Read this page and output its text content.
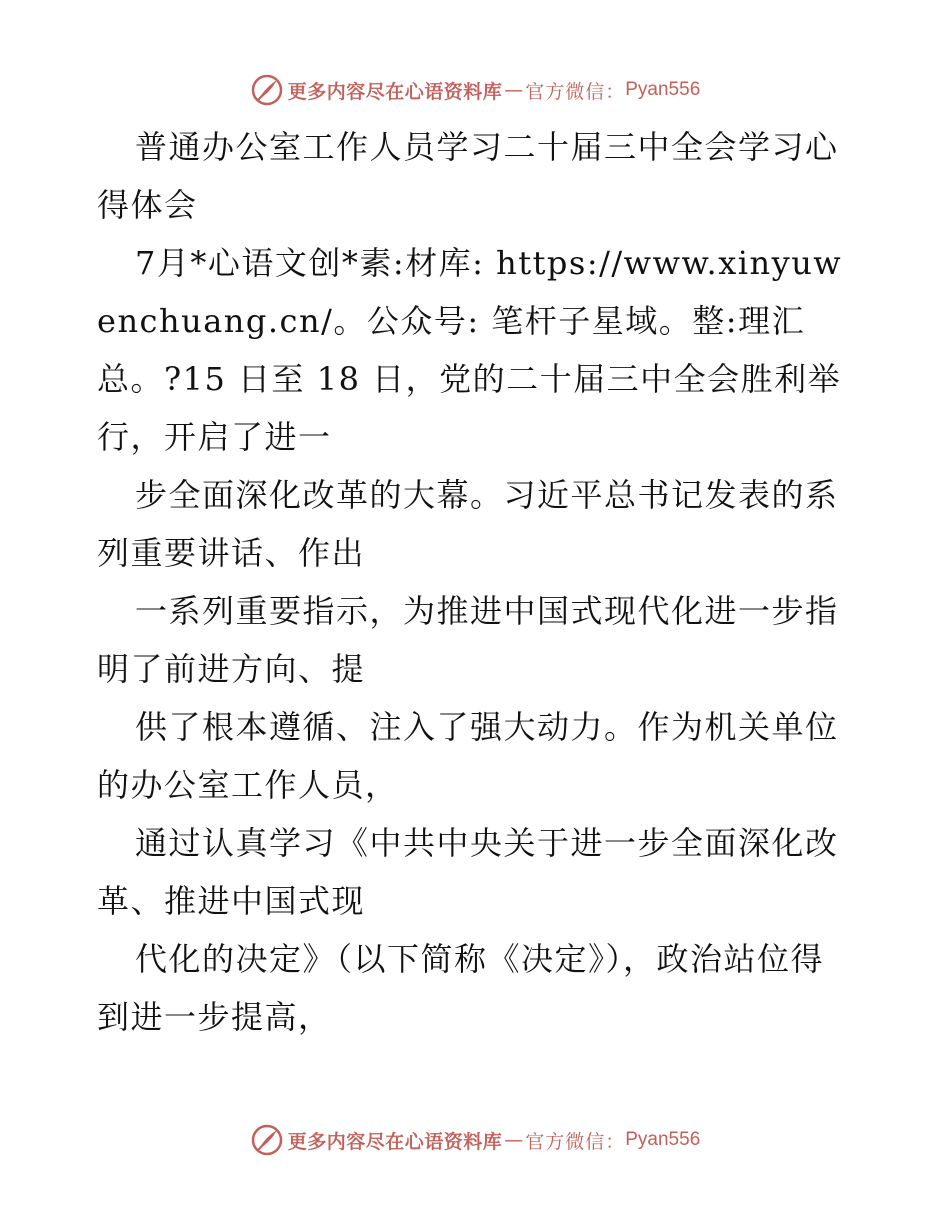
更多内容尽在心语资料库 — 官方微信： Pyan556

普通办公室工作人员学习二十届三中全会学习心得体会

7月*心语文创*素:材库: https://www.xinyuwenchuang.cn/。公众号: 笔杆子星域。整:理汇总。?15 日至 18 日，党的二十届三中全会胜利举行，开启了进一

步全面深化改革的大幕。习近平总书记发表的系列重要讲话、作出

一系列重要指示，为推进中国式现代化进一步指明了前进方向、提

供了根本遵循、注入了强大动力。作为机关单位的办公室工作人员，

通过认真学习《中共中央关于进一步全面深化改革、推进中国式现

代化的决定》（以下简称《决定》），政治站位得到进一步提高，

更多内容尽在心语资料库 — 官方微信： Pyan556
